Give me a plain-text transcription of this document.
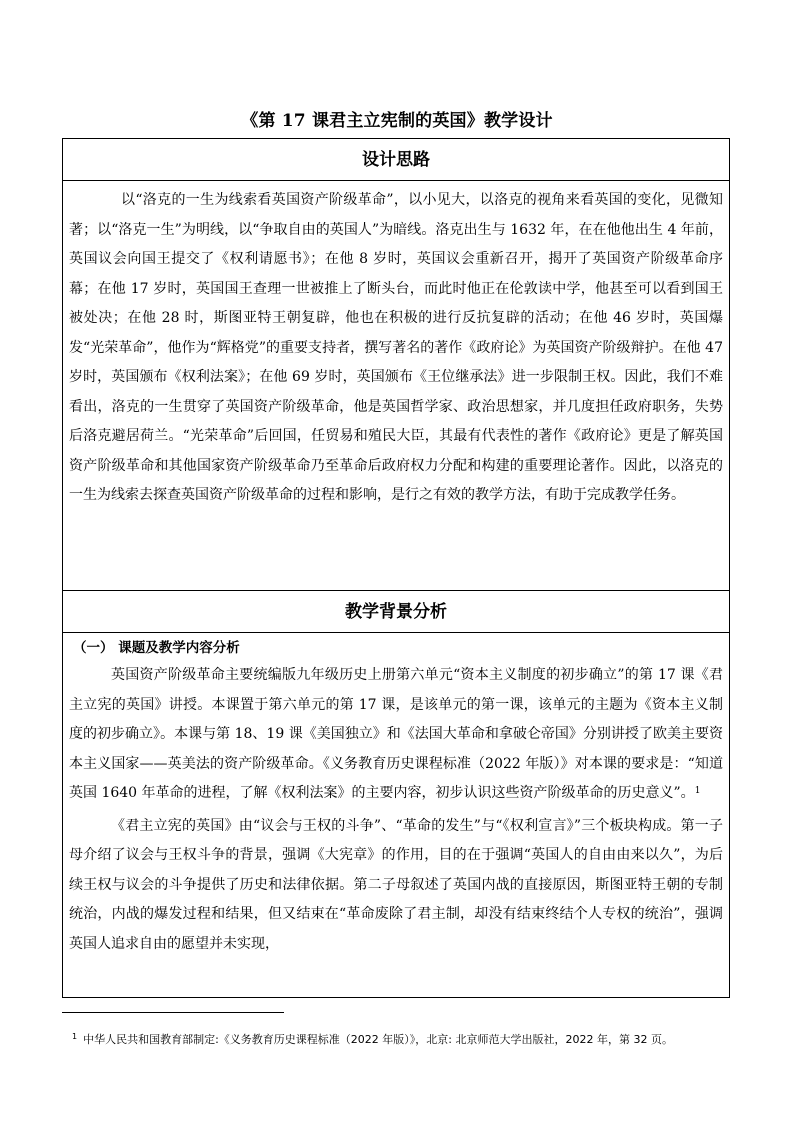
《第 17 课君主立宪制的英国》教学设计
设计思路

以“洛克的一生为线索看英国资产阶级革命”，以小见大，以洛克的视角来看英国的变化，见微知著；以“洛克一生”为明线，以“争取自由的英国人”为暗线。洛克出生与 1632 年，在在他他出生 4 年前，英国议会向国王提交了《权利请愿书》；在他 8 岁时，英国议会重新召开，揭开了英国资产阶级革命序幕；在他 17 岁时，英国国王查理一世被推上了断头台，而此时他正在伦敦读中学，他甚至可以看到国王被处决；在他 28 时，斯图亚特王朝复辟，他也在积极的进行反抗复辟的活动；在他 46 岁时，英国爆发“光荣革命”，他作为“辉格党”的重要支持者，撰写著名的著作《政府论》为英国资产阶级辩护。在他 47 岁时，英国颁布《权利法案》；在他 69 岁时，英国颁布《王位继承法》进一步限制王权。因此，我们不难看出，洛克的一生贯穿了英国资产阶级革命，他是英国哲学家、政治思想家，并几度担任政府职务，失势后洛克避居荷兰。“光荣革命”后回国，任贸易和殖民大臣，其最有代表性的著作《政府论》更是了解英国资产阶级革命和其他国家资产阶级革命乃至革命后政府权力分配和构建的重要理论著作。因此，以洛克的一生为线索去探查英国资产阶级革命的过程和影响，是行之有效的教学方法，有助于完成教学任务。

教学背景分析

（一） 课题及教学内容分析

英国资产阶级革命主要统编版九年级历史上册第六单元“资本主义制度的初步确立”的第 17 课《君主立宪的英国》讲授。本课置于第六单元的第 17 课，是该单元的第一课，该单元的主题为《资本主义制度的初步确立》。本课与第 18、19 课《美国独立》和《法国大革命和拿破仑帝国》分别讲授了欧美主要资本主义国家——英美法的资产阶级革命。《义务教育历史课程标准（2022 年版）》对本课的要求是：“知道英国 1640 年革命的进程，了解《权利法案》的主要内容，初步认识这些资产阶级革命的历史意义”。$^1$

《君主立宪的英国》由“议会与王权的斗争”、“革命的发生”与“《权利宣言》”三个板块构成。第一子母介绍了议会与王权斗争的背景，强调《大宪章》的作用，目的在于强调“英国人的自由由来以久”，为后续王权与议会的斗争提供了历史和法律依据。第二子母叙述了英国内战的直接原因，斯图亚特王朝的专制统治，内战的爆发过程和结果，但又结束在“革命废除了君主制，却没有结束终结个人专权的统治”，强调英国人追求自由的愿望并未实现，

$^1$ 中华人民共和国教育部制定:《义务教育历史课程标准（2022 年版）》，北京: 北京师范大学出版社，2022 年，第 32 页。
